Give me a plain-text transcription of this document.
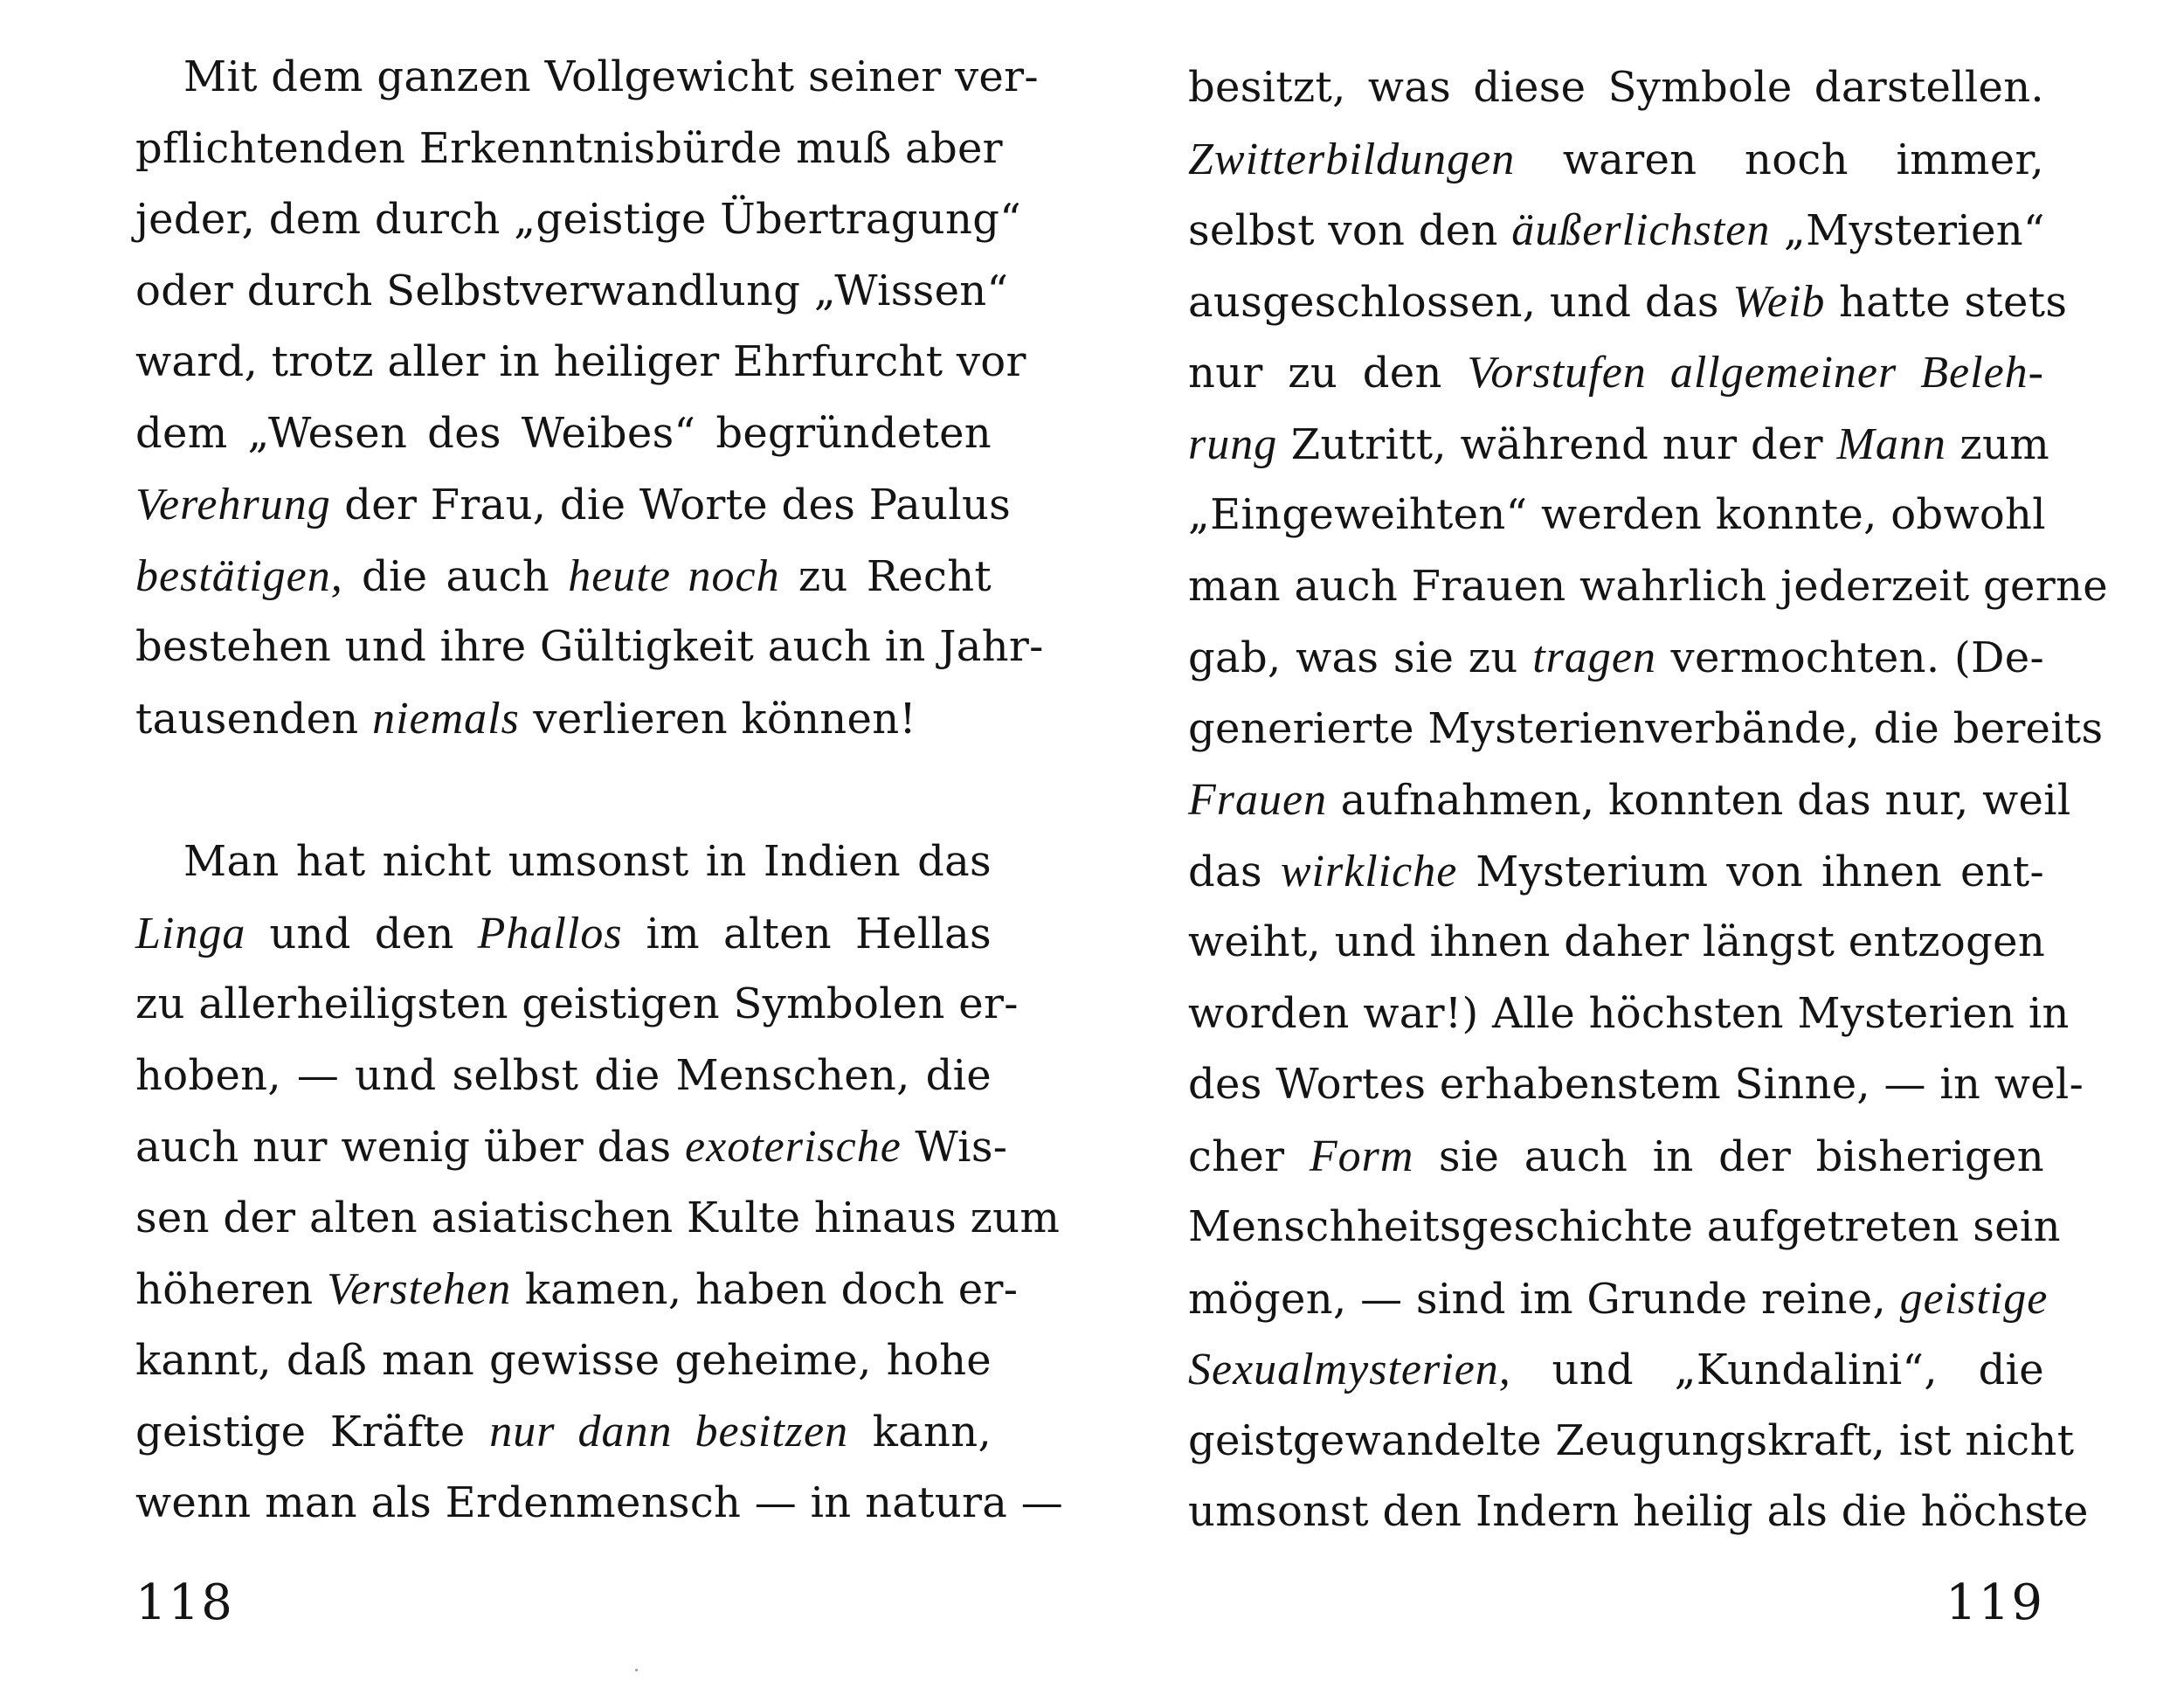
Mit dem ganzen Vollgewicht seiner ver-
pflichtenden Erkenntnisbürde muß aber
jeder, dem durch „geistige Übertragung“
oder durch Selbstverwandlung „Wissen“
ward, trotz aller in heiliger Ehrfurcht vor
dem „Wesen des Weibes“ begründeten
Verehrung der Frau, die Worte des Paulus
bestätigen, die auch heute noch zu Recht
bestehen und ihre Gültigkeit auch in Jahr-
tausenden niemals verlieren können!
Man hat nicht umsonst in Indien das
Linga und den Phallos im alten Hellas
zu allerheiligsten geistigen Symbolen er-
hoben, — und selbst die Menschen, die
auch nur wenig über das exoterische Wis-
sen der alten asiatischen Kulte hinaus zum
höheren Verstehen kamen, haben doch er-
kannt, daß man gewisse geheime, hohe
geistige Kräfte nur dann besitzen kann,
wenn man als Erdenmensch — in natura —
118
besitzt, was diese Symbole darstellen.
Zwitterbildungen waren noch immer,
selbst von den äußerlichsten „Mysterien“
ausgeschlossen, und das Weib hatte stets
nur zu den Vorstufen allgemeiner Beleh-
rung Zutritt, während nur der Mann zum
„Eingeweihten“ werden konnte, obwohl
man auch Frauen wahrlich jederzeit gerne
gab, was sie zu tragen vermochten. (De-
generierte Mysterienverbände, die bereits
Frauen aufnahmen, konnten das nur, weil
das wirkliche Mysterium von ihnen ent-
weiht, und ihnen daher längst entzogen
worden war!) Alle höchsten Mysterien in
des Wortes erhabenstem Sinne, — in wel-
cher Form sie auch in der bisherigen
Menschheitsgeschichte aufgetreten sein
mögen, — sind im Grunde reine, geistige
Sexualmysterien, und „Kundalini“, die
geistgewandelte Zeugungskraft, ist nicht
umsonst den Indern heilig als die höchste
119
